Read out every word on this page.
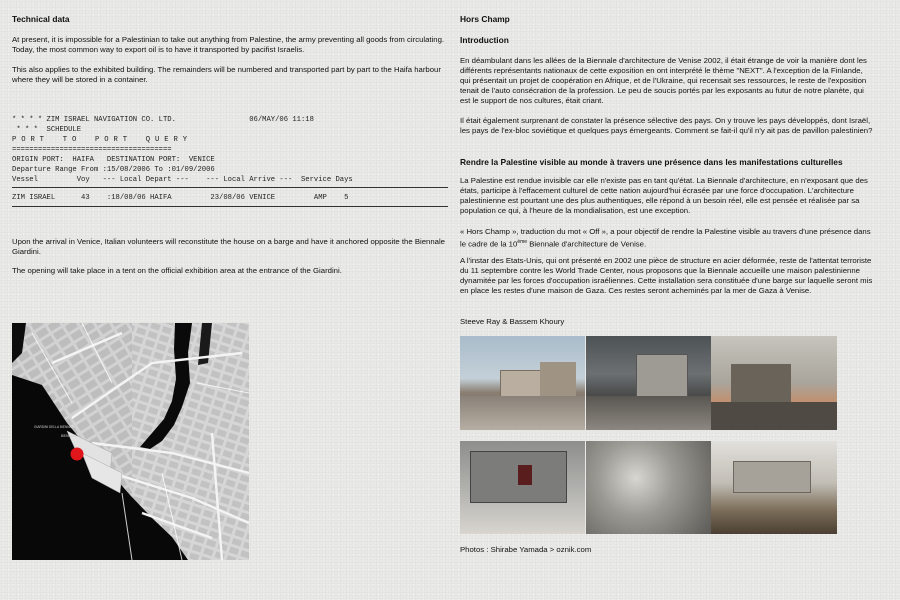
Technical data

At present, it is impossible for a Palestinian to take out anything from Palestine, the army preventing all goods from circulating. Today, the most common way to export oil is to have it transported by pacifist Israelis.

This also applies to the exhibited building. The remainders will be numbered and transported part by part to the Haifa harbour where they will be stored in a container.

* * * * ZIM ISRAEL NAVIGATION CO. LTD.                 06/MAY/06 11:18
* * *  SCHEDULE
P O R T    T O    P O R T    Q U E R Y
=====================================
ORIGIN PORT:  HAIFA   DESTINATION PORT:  VENICE
Departure Range From :15/08/2006 To :01/09/2006
Vessel         Voy   --- Local Depart ---    --- Local Arrive ---  Service Days
ZIM ISRAEL      43    :18/08/06 HAIFA         23/08/06 VENICE         AMP    5

Upon the arrival in Venice, Italian volunteers will reconstitute the house on a barge and have it anchored opposite the Biennale Giardini.

The opening will take place in a tent on the official exhibition area at the entrance of the Giardini.

GIARDINI DELLA BIENNALE
BIENNALE
Hors Champ
Introduction

En déambulant dans les allées de la Biennale d'architecture de Venise 2002, il était étrange de voir la manière dont les différents représentants nationaux de cette exposition en ont interprété le thème "NEXT". A l'exception de la Finlande, qui présentait un projet de coopération en Afrique, et de l'Ukraine, qui recensait ses ressources, le reste de l'exposition tenait de l'auto consécration de la profession. Le peu de soucis portés par les exposants au futur de notre planète, qui est le support de nos cultures, était criant.

Il était également surprenant de constater la présence sélective des pays. On y trouve les pays développés, dont Israël, les pays de l'ex-bloc soviétique et quelques pays émergeants. Comment se fait-il qu'il n'y ait pas de pavillon palestinien?

Rendre la Palestine visible au monde à travers une présence dans les manifestations culturelles

La Palestine est rendue invisible car elle n'existe pas en tant qu'état. La Biennale d'architecture, en n'exposant que des états, participe à l'effacement culturel de cette nation aujourd'hui écrasée par une force d'occupation. L'architecture palestinienne est pourtant une des plus authentiques, elle répond à un besoin réel, elle est pensée et réalisée par sa population ce qui, à l'heure de la mondialisation, est une exception.

« Hors Champ », traduction du mot « Off », a pour objectif de rendre la Palestine visible au travers d'une présence dans le cadre de la 10ème Biennale d'architecture de Venise.

A l'instar des Etats-Unis, qui ont présenté en 2002 une pièce de structure en acier déformée, reste de l'attentat terroriste du 11 septembre contre les World Trade Center, nous proposons que la Biennale accueille une maison palestinienne dynamitée par les forces d'occupation israéliennes. Cette installation sera constituée d'une barge sur laquelle seront mis en place les restes d'une maison de Gaza. Ces restes seront acheminés par la mer de Gaza à Venise.

Steeve Ray & Bassem Khoury

Photos : Shirabe Yamada > oznik.com
